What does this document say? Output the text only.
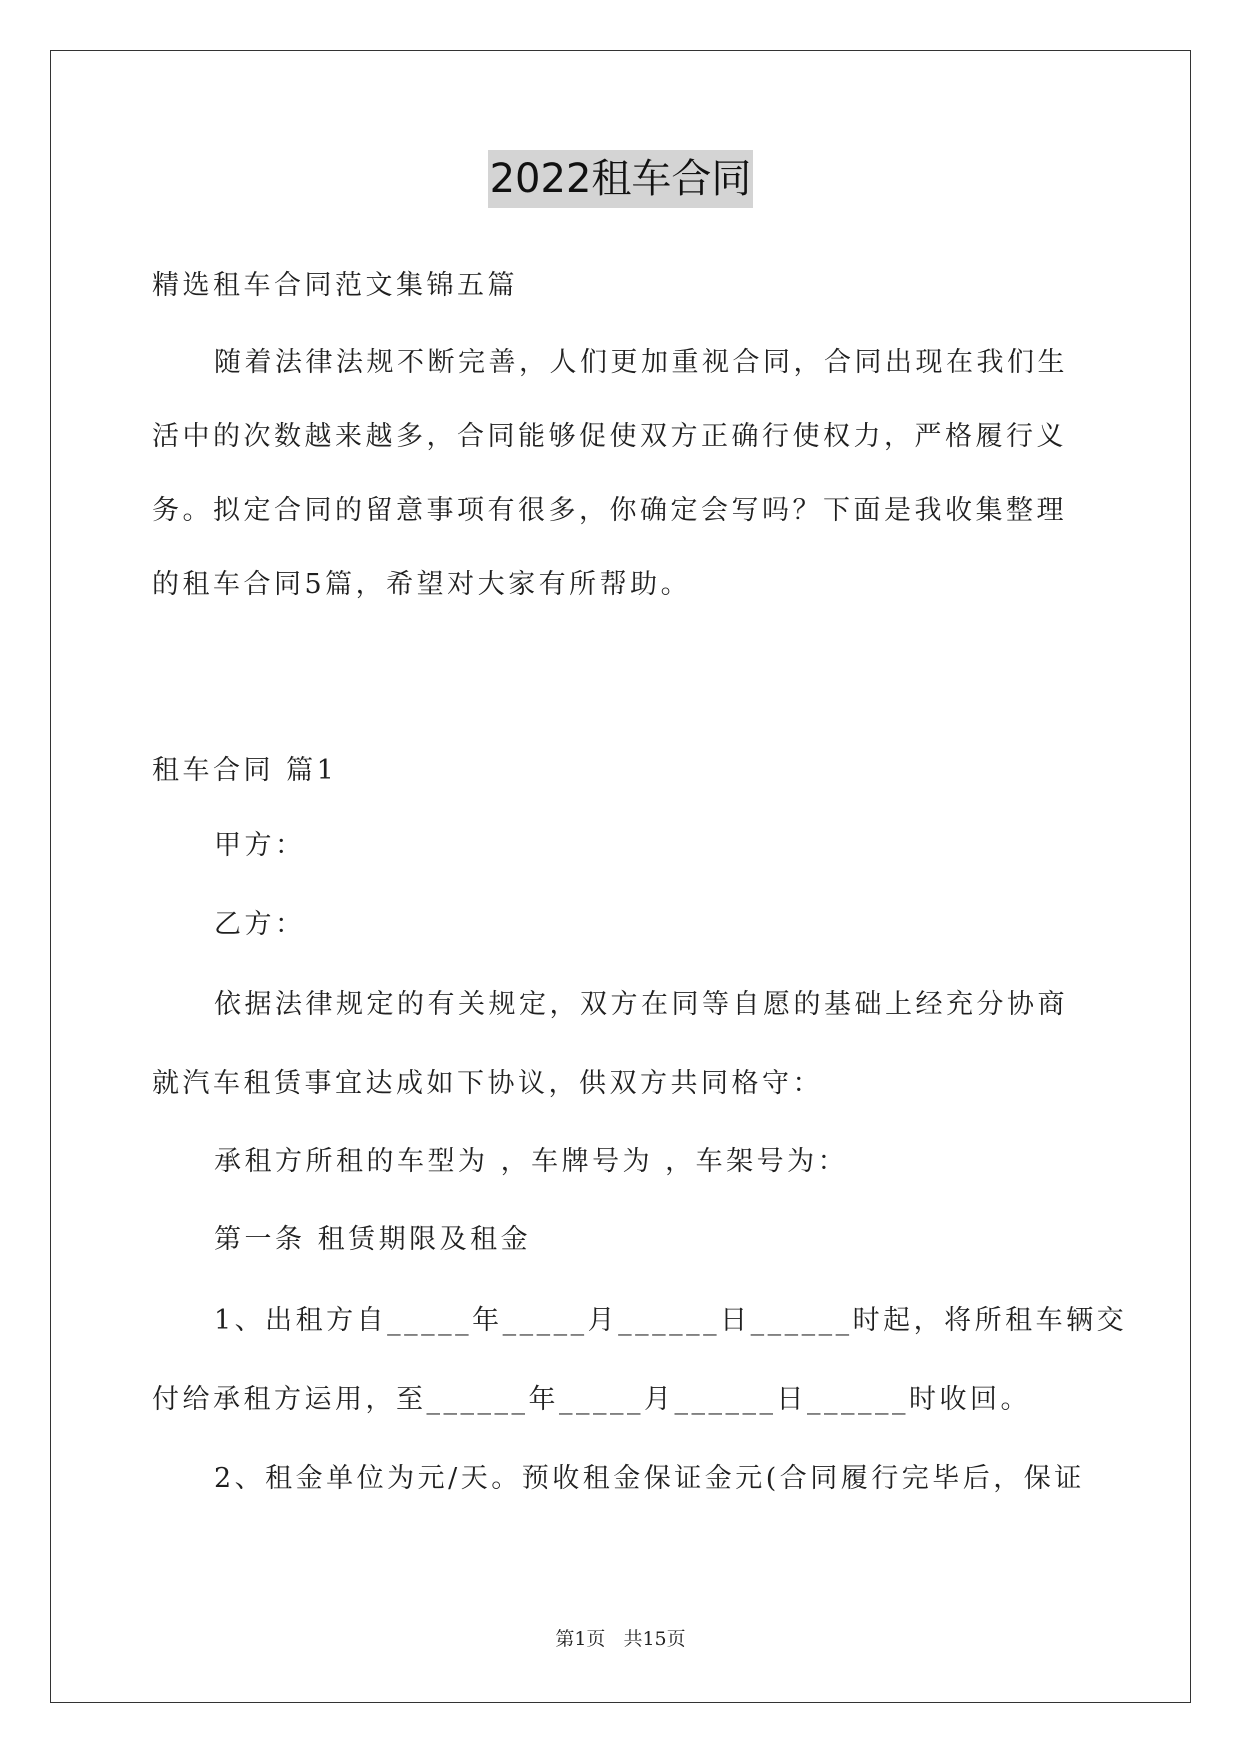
2022租车合同
精选租车合同范文集锦五篇
随着法律法规不断完善，人们更加重视合同，合同出现在我们生
活中的次数越来越多，合同能够促使双方正确行使权力，严格履行义
务。拟定合同的留意事项有很多，你确定会写吗？下面是我收集整理
的租车合同5篇，希望对大家有所帮助。
租车合同 篇1
甲方：
乙方：
依据法律规定的有关规定，双方在同等自愿的基础上经充分协商
就汽车租赁事宜达成如下协议，供双方共同格守：
承租方所租的车型为 ，车牌号为 ，车架号为：
第一条 租赁期限及租金
1、出租方自_____年_____月______日______时起，将所租车辆交
付给承租方运用，至______年_____月______日______时收回。
2、租金单位为元/天。预收租金保证金元(合同履行完毕后，保证
第1页 共15页
